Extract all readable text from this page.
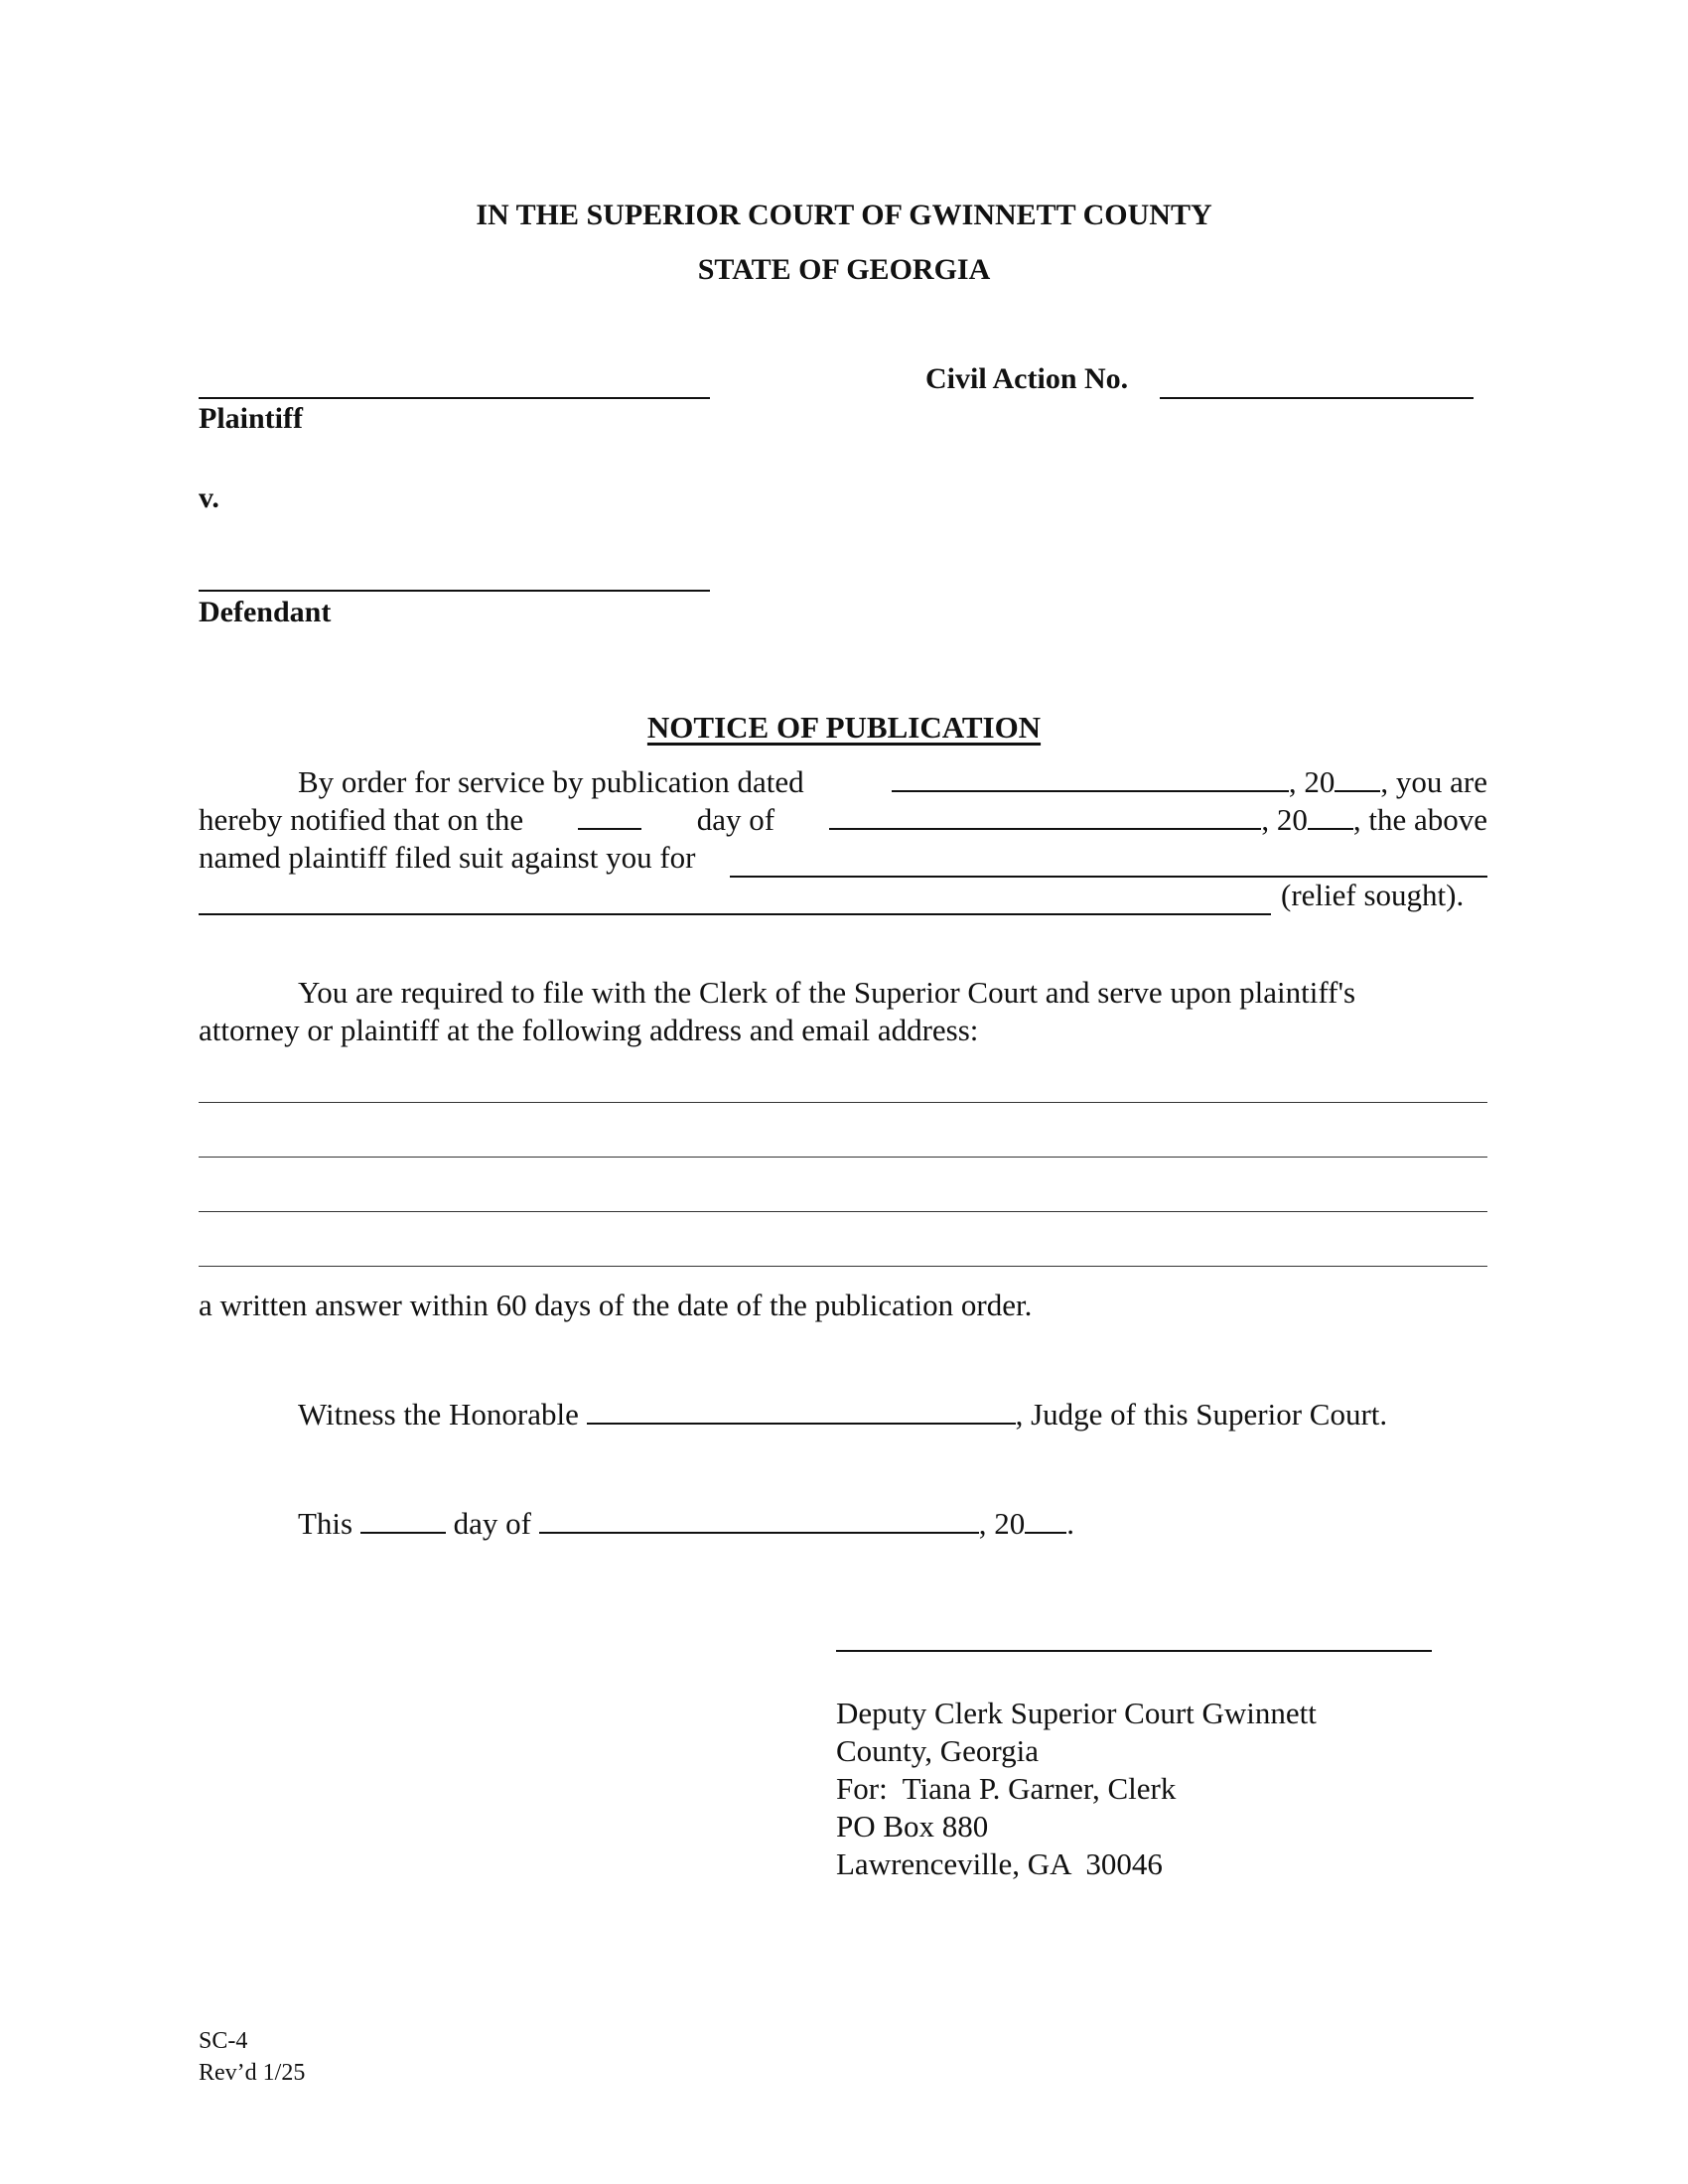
IN THE SUPERIOR COURT OF GWINNETT COUNTY
STATE OF GEORGIA
Plaintiff
Civil Action No.
v.
Defendant
NOTICE OF PUBLICATION
By order for service by publication dated	, 20 , you are
hereby notified that on the	day of	, 20 , the above
named plaintiff filed suit against you for
(relief sought).
You are required to file with the Clerk of the Superior Court and serve upon plaintiff's
attorney or plaintiff at the following address and email address:
a written answer within 60 days of the date of the publication order.
Witness the Honorable	, Judge of this Superior Court.
This	day of	, 20 .
Deputy Clerk Superior Court Gwinnett
County, Georgia
For:  Tiana P. Garner, Clerk
PO Box 880
Lawrenceville, GA  30046
SC-4
Rev’d 1/25
